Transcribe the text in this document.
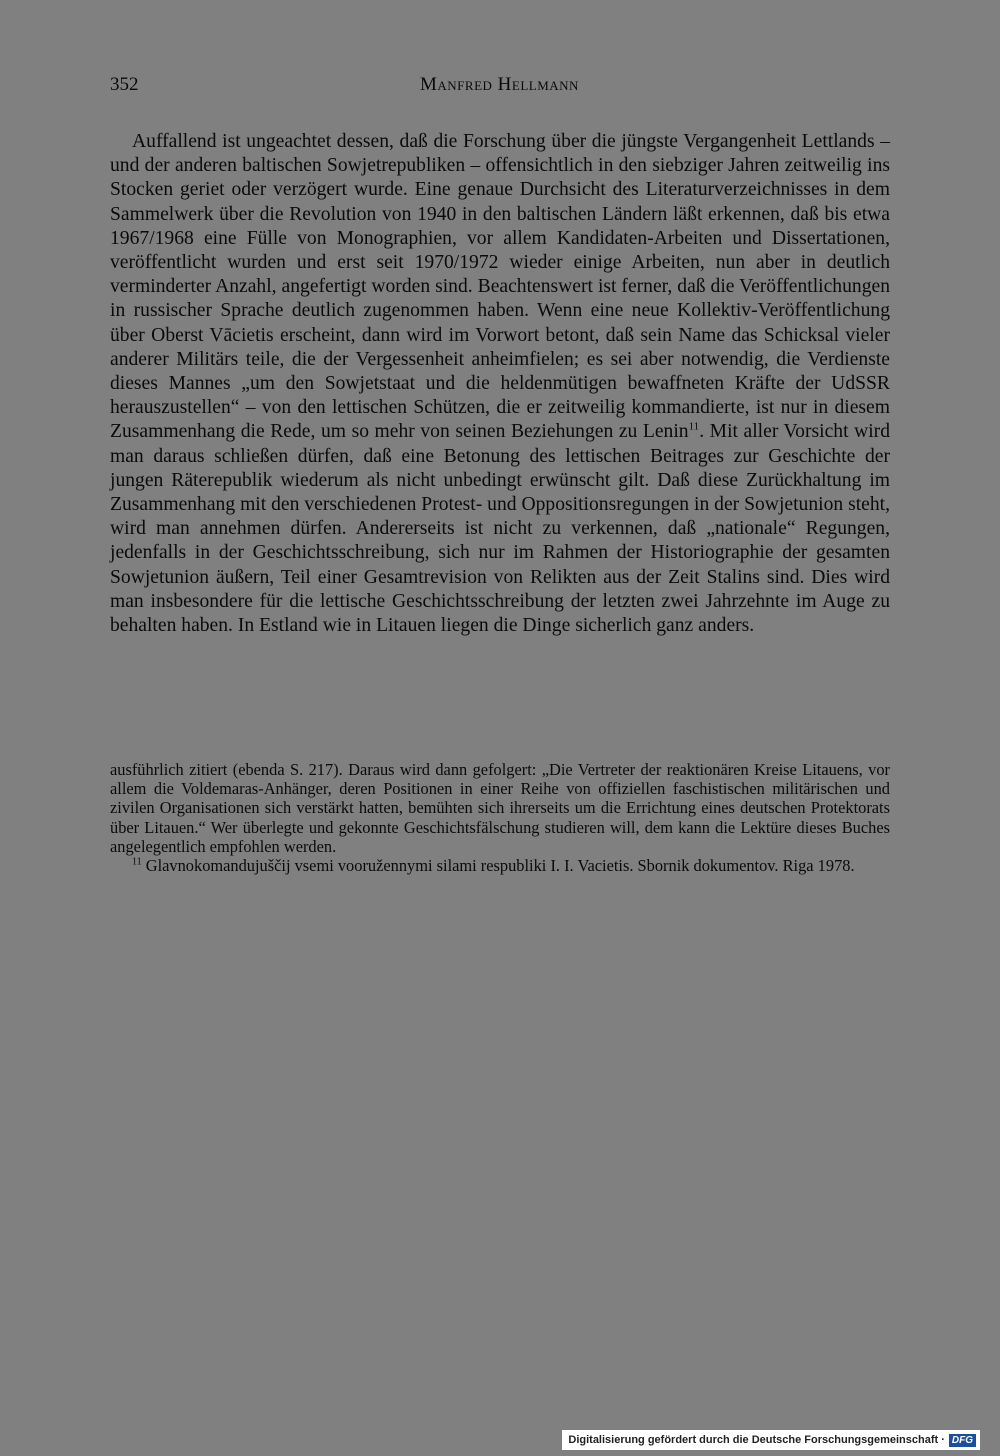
352	Manfred Hellmann

Auffallend ist ungeachtet dessen, daß die Forschung über die jüngste Vergangenheit Lettlands – und der anderen baltischen Sowjetrepubliken – offensichtlich in den siebziger Jahren zeitweilig ins Stocken geriet oder verzögert wurde. Eine genaue Durchsicht des Literaturverzeichnisses in dem Sammelwerk über die Revolution von 1940 in den baltischen Ländern läßt erkennen, daß bis etwa 1967/1968 eine Fülle von Monographien, vor allem Kandidaten-Arbeiten und Dissertationen, veröffentlicht wurden und erst seit 1970/1972 wieder einige Arbeiten, nun aber in deutlich verminderter Anzahl, angefertigt worden sind. Beachtenswert ist ferner, daß die Veröffentlichungen in russischer Sprache deutlich zugenommen haben. Wenn eine neue Kollektiv-Veröffentlichung über Oberst Vācietis erscheint, dann wird im Vorwort betont, daß sein Name das Schicksal vieler anderer Militärs teile, die der Vergessenheit anheimfielen; es sei aber notwendig, die Verdienste dieses Mannes „um den Sowjetstaat und die heldenmütigen bewaffneten Kräfte der UdSSR herauszustellen“ – von den lettischen Schützen, die er zeitweilig kommandierte, ist nur in diesem Zusammenhang die Rede, um so mehr von seinen Beziehungen zu Lenin$^{11}$. Mit aller Vorsicht wird man daraus schließen dürfen, daß eine Betonung des lettischen Beitrages zur Geschichte der jungen Räterepublik wiederum als nicht unbedingt erwünscht gilt. Daß diese Zurückhaltung im Zusammenhang mit den verschiedenen Protest- und Oppositionsregungen in der Sowjetunion steht, wird man annehmen dürfen. Andererseits ist nicht zu verkennen, daß „nationale“ Regungen, jedenfalls in der Geschichtsschreibung, sich nur im Rahmen der Historiographie der gesamten Sowjetunion äußern, Teil einer Gesamtrevision von Relikten aus der Zeit Stalins sind. Dies wird man insbesondere für die lettische Geschichtsschreibung der letzten zwei Jahrzehnte im Auge zu behalten haben. In Estland wie in Litauen liegen die Dinge sicherlich ganz anders.

ausführlich zitiert (ebenda S. 217). Daraus wird dann gefolgert: „Die Vertreter der reaktionären Kreise Litauens, vor allem die Voldemaras-Anhänger, deren Positionen in einer Reihe von offiziellen faschistischen militärischen und zivilen Organisationen sich verstärkt hatten, bemühten sich ihrerseits um die Errichtung eines deutschen Protektorats über Litauen.“ Wer überlegte und gekonnte Geschichtsfälschung studieren will, dem kann die Lektüre dieses Buches angelegentlich empfohlen werden.

$^{11}$ Glavnokomandujuščij vsemi vooružennymi silami respubliki I. I. Vacietis. Sbornik dokumentov. Riga 1978.

Digitalisierung gefördert durch die Deutsche Forschungsgemeinschaft · DFG
